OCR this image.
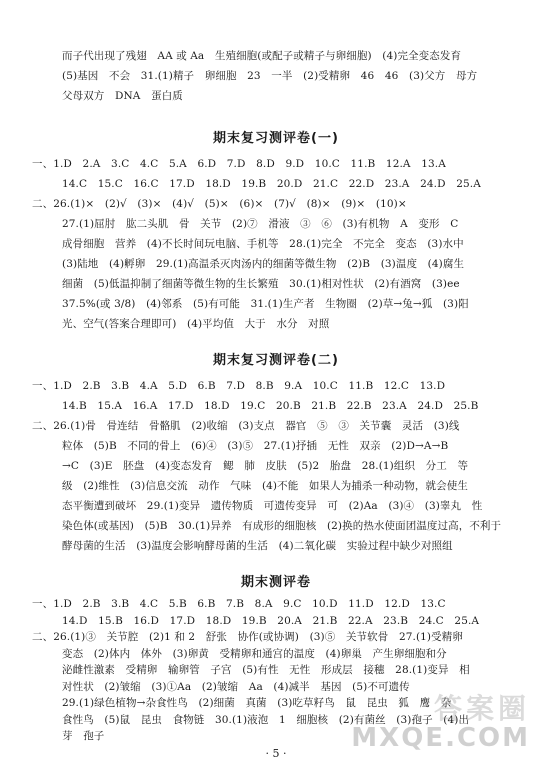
而子代出现了残翅　AA 或 Aa　生殖细胞(或配子或精子与卵细胞)　(4)完全变态发育
(5)基因　不会　31.(1)精子　卵细胞　23　一半　(2)受精卵　46　46　(3)父方　母方
父母双方　DNA　蛋白质
期末复习测评卷(一)
一、1.D　2.A　3.C　4.C　5.A　6.D　7.D　8.D　9.D　10.C　11.B　12.A　13.A
14.C　15.C　16.C　17.D　18.D　19.B　20.D　21.C　22.D　23.A　24.D　25.A
二、26.(1)×　(2)√　(3)×　(4)√　(5)×　(6)×　(7)√　(8)×　(9)×　(10)×
27.(1)屈肘　肱二头肌　骨　关节　(2)⑦　滑液　③　⑥　(3)有机物　A　变形　C
成骨细胞　营养　(4)不长时间玩电脑、手机等　28.(1)完全　不完全　变态　(3)水中
(3)陆地　(4)孵卵　29.(1)高温杀灭肉汤内的细菌等微生物　(2)B　(3)温度　(4)腐生
细菌　(5)低温抑制了细菌等微生物的生长繁殖　30.(1)相对性状　(2)有酒窝　(3)ee
37.5%(或 3/8)　(4)邻系　(5)有可能　31.(1)生产者　生物圈　(2)草→兔→狐　(3)阳
光、空气(答案合理即可)　(4)平均值　大于　水分　对照
期末复习测评卷(二)
一、1.D　2.B　3.B　4.A　5.D　6.B　7.D　8.B　9.A　10.C　11.B　12.C　13.D
14.B　15.A　16.A　17.D　18.D　19.C　20.B　21.B　22.B　23.A　24.D　25.B
二、26.(1)骨　骨连结　骨骼肌　(2)收缩　(3)支点　器官　⑤　③　关节囊　灵活　(3)线
粒体　(5)B　不同的骨上　(6)④　(3)⑤　27.(1)抒插　无性　双亲　(2)D→A→B
→C　(3)E　胚盘　(4)变态发育　鳃　肺　皮肤　(5)2　胎盘　28.(1)组织　分工　等
级　(2)维性　(3)信息交流　动作　气味　(4)不能　如果人为捕杀一种动物，就会使生
态平衡遭到破坏　29.(1)变异　遗传物质　可遗传变异　可　(2)Aa　(3)④　(3)睾丸　性
染色体(或基因)　(5)B　30.(1)异养　有成形的细胞核　(2)换的热水使面团温度过高，不利于
酵母菌的生活　(3)温度会影响酵母菌的生活　(4)二氧化碳　实验过程中缺少对照组
期末测评卷
一、1.D　2.B　3.B　4.C　5.B　6.B　7.B　8.A　9.C　10.D　11.D　12.D　13.C
14.D　15.B　16.D　17.D　18.D　19.B　20.A　21.B　22.A　23.B　24.C　25.A
二、26.(1)③　关节腔　(2)1 和 2　舒张　协作(或协调)　(3)⑤　关节软骨　27.(1)受精卵
变态　(2)体内　体外　(3)卵黄　受精卵和通宫的温度　(4)卵巢　产生卵细胞和分
泌雌性激素　受精卵　输卵管　子宫　(5)有性　无性　形成层　接穗　28.(1)变异　相
对性状　(2)皱缩　(3)①Aa　(2)皱缩　Aa　(4)减半　基因　(5)不可遗传
29.(1)绿色植物→杂食性鸟　(2)细菌　真菌　(3)吃草籽鸟　鼠　昆虫　狐　鹰　杂
食性鸟　(5)鼠　昆虫　食物链　30.(1)液泡　1　细胞核　(2)有菌丝　(3)孢子　(4)出
芽　孢子
· 5 ·
答案圈
MXQE.COM
